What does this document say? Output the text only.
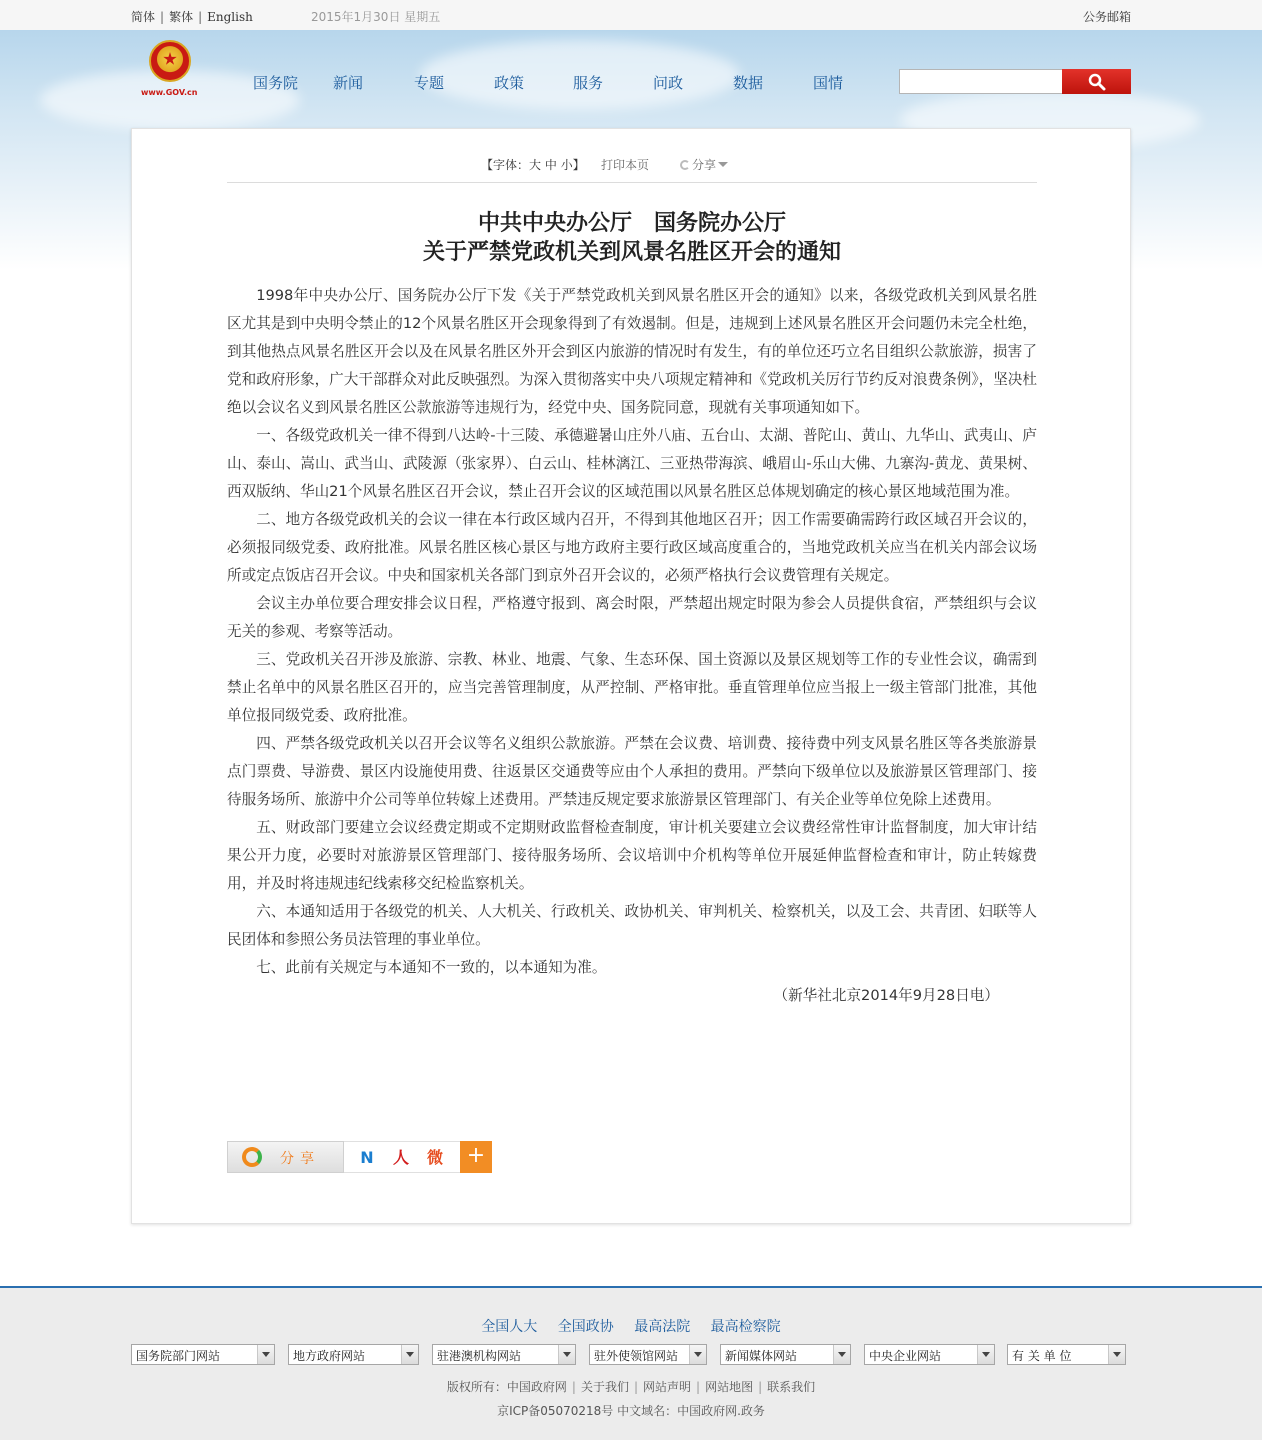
简体 | 繁体 | English	2015年1月30日 星期五	公务邮箱
www.GOV.cn
国务院 新闻	专题	政策	服务	问政	数据	国情
【字体：大 中 小】 打印本页	分享
中共中央办公厅　国务院办公厅
关于严禁党政机关到风景名胜区开会的通知

1998年中央办公厅、国务院办公厅下发《关于严禁党政机关到风景名胜区开会的通知》以来，各级党政机关到风景名胜区尤其是到中央明令禁止的12个风景名胜区开会现象得到了有效遏制。但是，违规到上述风景名胜区开会问题仍未完全杜绝，到其他热点风景名胜区开会以及在风景名胜区外开会到区内旅游的情况时有发生，有的单位还巧立名目组织公款旅游，损害了党和政府形象，广大干部群众对此反映强烈。为深入贯彻落实中央八项规定精神和《党政机关厉行节约反对浪费条例》，坚决杜绝以会议名义到风景名胜区公款旅游等违规行为，经党中央、国务院同意，现就有关事项通知如下。

一、各级党政机关一律不得到八达岭-十三陵、承德避暑山庄外八庙、五台山、太湖、普陀山、黄山、九华山、武夷山、庐山、泰山、嵩山、武当山、武陵源（张家界）、白云山、桂林漓江、三亚热带海滨、峨眉山-乐山大佛、九寨沟-黄龙、黄果树、西双版纳、华山21个风景名胜区召开会议，禁止召开会议的区域范围以风景名胜区总体规划确定的核心景区地域范围为准。

二、地方各级党政机关的会议一律在本行政区域内召开，不得到其他地区召开；因工作需要确需跨行政区域召开会议的，必须报同级党委、政府批准。风景名胜区核心景区与地方政府主要行政区域高度重合的，当地党政机关应当在机关内部会议场所或定点饭店召开会议。中央和国家机关各部门到京外召开会议的，必须严格执行会议费管理有关规定。

会议主办单位要合理安排会议日程，严格遵守报到、离会时限，严禁超出规定时限为参会人员提供食宿，严禁组织与会议无关的参观、考察等活动。

三、党政机关召开涉及旅游、宗教、林业、地震、气象、生态环保、国土资源以及景区规划等工作的专业性会议，确需到禁止名单中的风景名胜区召开的，应当完善管理制度，从严控制、严格审批。垂直管理单位应当报上一级主管部门批准，其他单位报同级党委、政府批准。

四、严禁各级党政机关以召开会议等名义组织公款旅游。严禁在会议费、培训费、接待费中列支风景名胜区等各类旅游景点门票费、导游费、景区内设施使用费、往返景区交通费等应由个人承担的费用。严禁向下级单位以及旅游景区管理部门、接待服务场所、旅游中介公司等单位转嫁上述费用。严禁违反规定要求旅游景区管理部门、有关企业等单位免除上述费用。

五、财政部门要建立会议经费定期或不定期财政监督检查制度，审计机关要建立会议费经常性审计监督制度，加大审计结果公开力度，必要时对旅游景区管理部门、接待服务场所、会议培训中介机构等单位开展延伸监督检查和审计，防止转嫁费用，并及时将违规违纪线索移交纪检监察机关。

六、本通知适用于各级党的机关、人大机关、行政机关、政协机关、审判机关、检察机关，以及工会、共青团、妇联等人民团体和参照公务员法管理的事业单位。

七、此前有关规定与本通知不一致的，以本通知为准。

（新华社北京2014年9月28日电）

分享	N 人 微	+
全国人大 全国政协 最高法院 最高检察院
国务院部门网站	地方政府网站	驻港澳机构网站	驻外使领馆网站	新闻媒体网站	中央企业网站	有 关 单 位
版权所有：中国政府网 | 关于我们 | 网站声明 | 网站地图 | 联系我们
京ICP备05070218号 中文域名：中国政府网.政务
